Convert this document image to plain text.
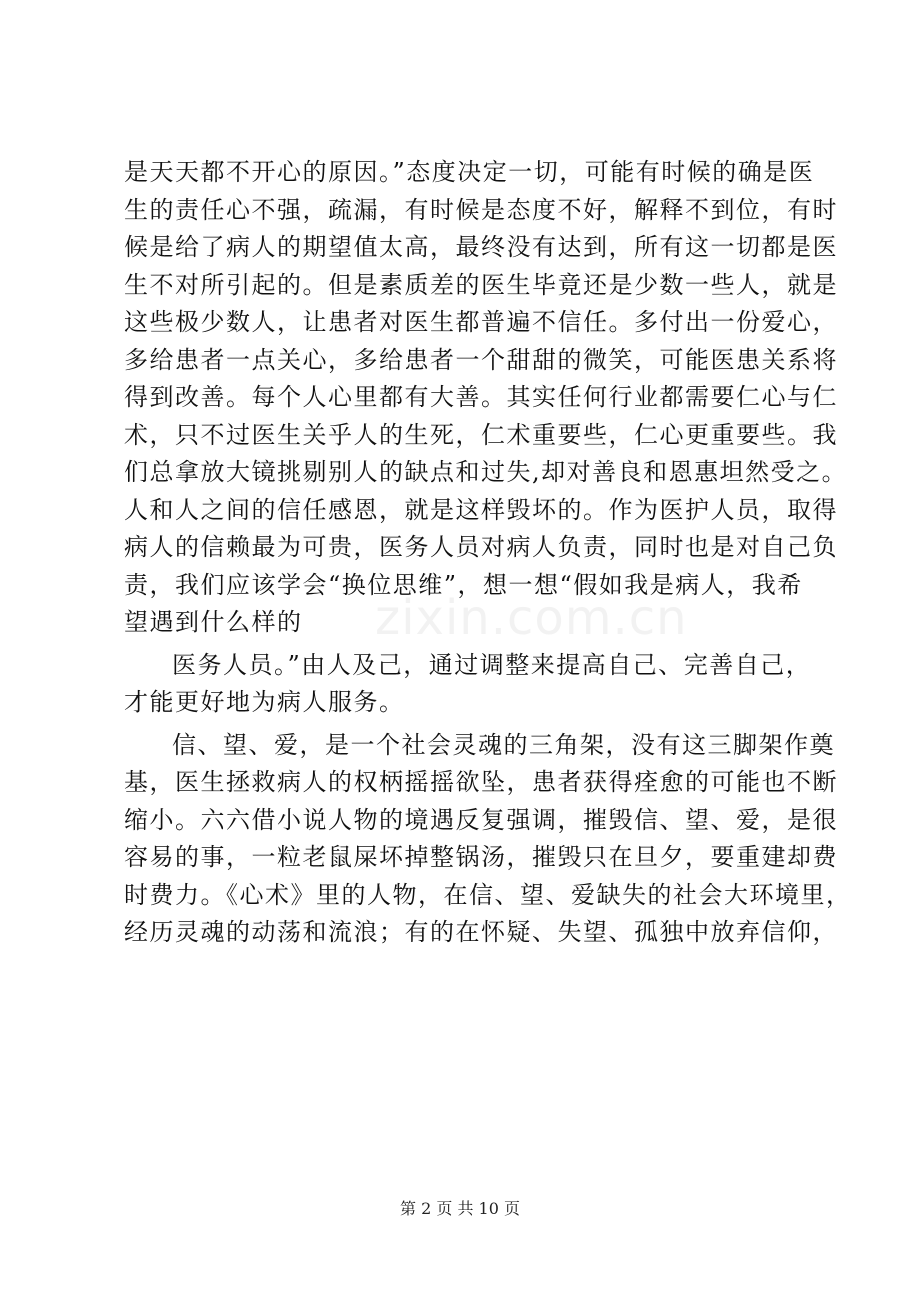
是天天都不开心的原因。”态度决定一切，可能有时候的确是医

生的责任心不强，疏漏，有时候是态度不好，解释不到位，有时

候是给了病人的期望值太高，最终没有达到，所有这一切都是医

生不对所引起的。但是素质差的医生毕竟还是少数一些人，就是

这些极少数人，让患者对医生都普遍不信任。多付出一份爱心，

多给患者一点关心，多给患者一个甜甜的微笑，可能医患关系将

得到改善。每个人心里都有大善。其实任何行业都需要仁心与仁

术，只不过医生关乎人的生死，仁术重要些，仁心更重要些。我

们总拿放大镜挑剔别人的缺点和过失,却对善良和恩惠坦然受之。

人和人之间的信任感恩，就是这样毁坏的。作为医护人员，取得

病人的信赖最为可贵，医务人员对病人负责，同时也是对自己负

责，我们应该学会“换位思维”，想一想“假如我是病人，我希

望遇到什么样的

医务人员。”由人及己，通过调整来提高自己、完善自己，

才能更好地为病人服务。

信、望、爱，是一个社会灵魂的三角架，没有这三脚架作奠

基，医生拯救病人的权柄摇摇欲坠，患者获得痊愈的可能也不断

缩小。六六借小说人物的境遇反复强调，摧毁信、望、爱，是很

容易的事，一粒老鼠屎坏掉整锅汤，摧毁只在旦夕，要重建却费

时费力。《心术》里的人物，在信、望、爱缺失的社会大环境里，

经历灵魂的动荡和流浪；有的在怀疑、失望、孤独中放弃信仰，

zixin.com.cn
第 2 页 共 10 页
